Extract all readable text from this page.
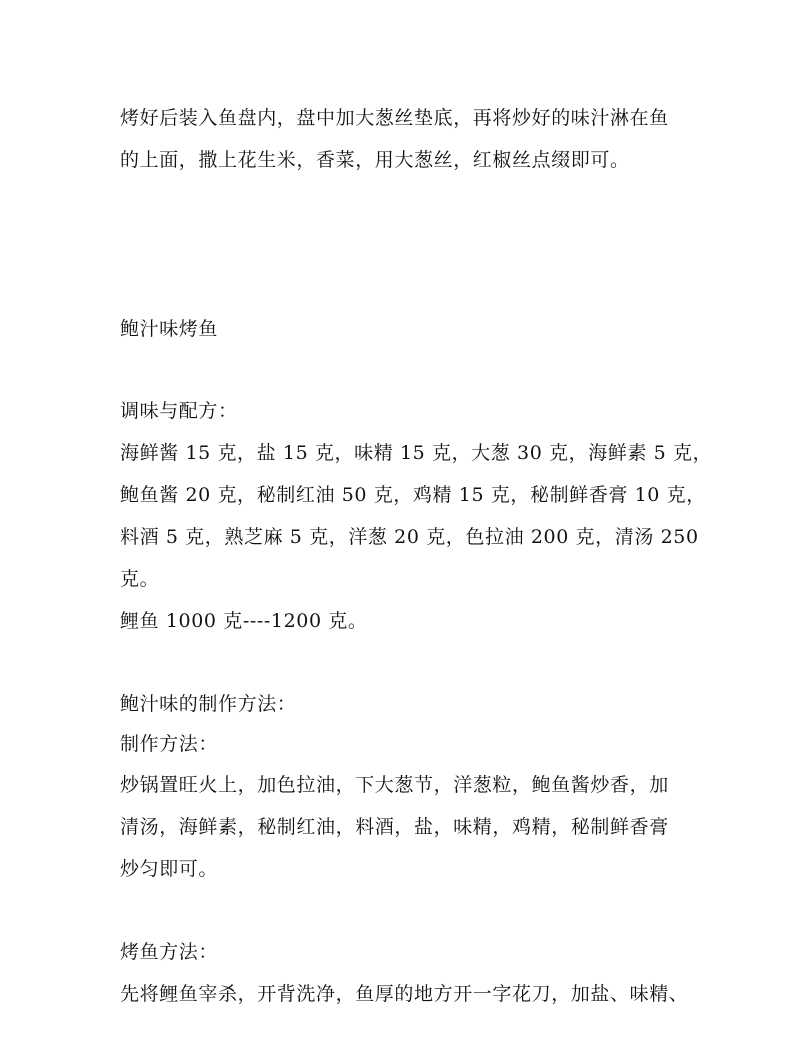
烤好后装入鱼盘内，盘中加大葱丝垫底，再将炒好的味汁淋在鱼
的上面，撒上花生米，香菜，用大葱丝，红椒丝点缀即可。
鲍汁味烤鱼
调味与配方：
海鲜酱 15 克，盐 15 克，味精 15 克，大葱 30 克，海鲜素 5 克，
鲍鱼酱 20 克，秘制红油 50 克，鸡精 15 克，秘制鲜香膏 10 克，
料酒 5 克，熟芝麻 5 克，洋葱 20 克，色拉油 200 克，清汤 250
克。
鲤鱼 1000 克----1200 克。
鲍汁味的制作方法：
制作方法：
炒锅置旺火上，加色拉油，下大葱节，洋葱粒，鲍鱼酱炒香，加
清汤，海鲜素，秘制红油，料酒，盐，味精，鸡精，秘制鲜香膏
炒匀即可。
烤鱼方法：
先将鲤鱼宰杀，开背洗净，鱼厚的地方开一字花刀，加盐、味精、
